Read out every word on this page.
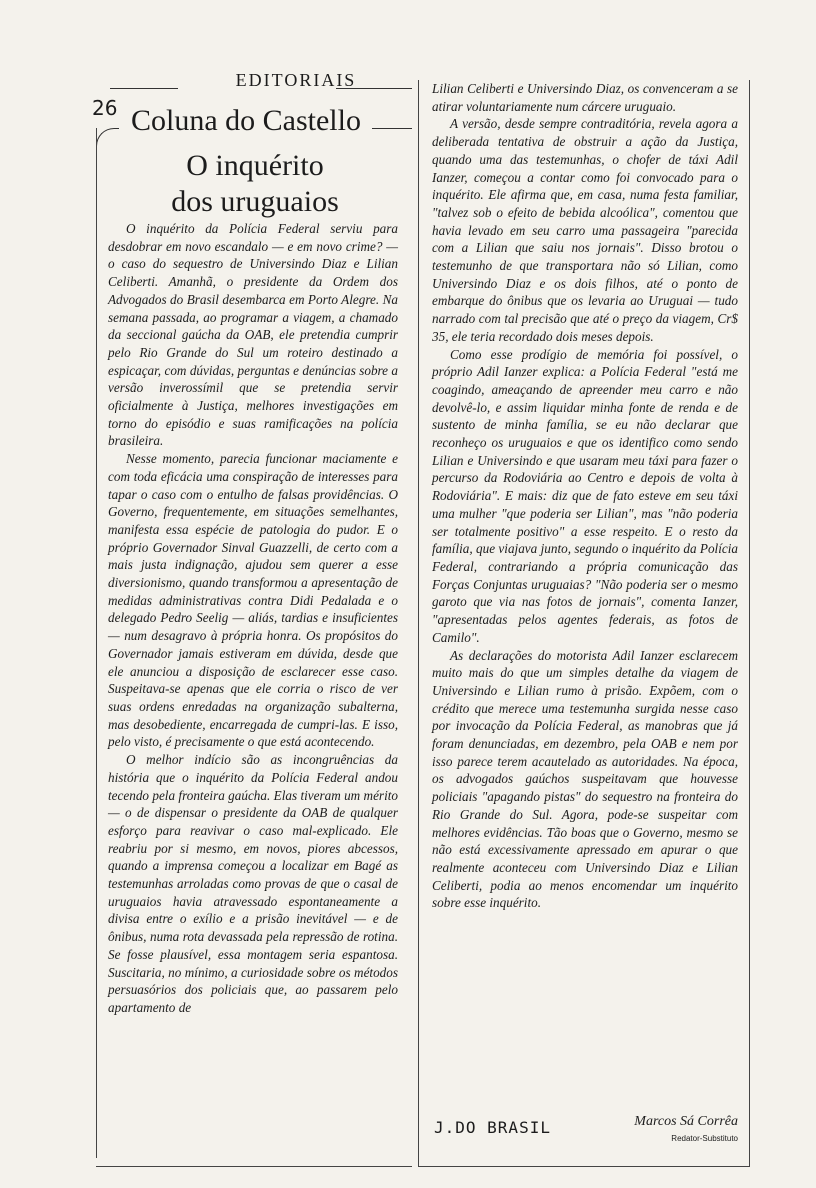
EDITORIAIS
26 Coluna do Castello
O inquérito
dos uruguaios

O inquérito da Polícia Federal serviu para desdobrar em novo escandalo — e em novo crime? — o caso do sequestro de Universindo Diaz e Lilian Celiberti. Amanhã, o presidente da Ordem dos Advogados do Brasil desembarca em Porto Alegre. Na semana passada, ao programar a viagem, a chamado da seccional gaúcha da OAB, ele pretendia cumprir pelo Rio Grande do Sul um roteiro destinado a espicaçar, com dúvidas, perguntas e denúncias sobre a versão inverossímil que se pretendia servir oficialmente à Justiça, melhores investigações em torno do episódio e suas ramificações na polícia brasileira.

Nesse momento, parecia funcionar maciamente e com toda eficácia uma conspiração de interesses para tapar o caso com o entulho de falsas providências. O Governo, frequentemente, em situações semelhantes, manifesta essa espécie de patologia do pudor. E o próprio Governador Sinval Guazzelli, de certo com a mais justa indignação, ajudou sem querer a esse diversionismo, quando transformou a apresentação de medidas administrativas contra Didi Pedalada e o delegado Pedro Seelig — aliás, tardias e insuficientes — num desagravo à própria honra. Os propósitos do Governador jamais estiveram em dúvida, desde que ele anunciou a disposição de esclarecer esse caso. Suspeitava-se apenas que ele corria o risco de ver suas ordens enredadas na organização subalterna, mas desobediente, encarregada de cumpri-las. E isso, pelo visto, é precisamente o que está acontecendo.

O melhor indício são as incongruências da história que o inquérito da Polícia Federal andou tecendo pela fronteira gaúcha. Elas tiveram um mérito — o de dispensar o presidente da OAB de qualquer esforço para reavivar o caso mal-explicado. Ele reabriu por si mesmo, em novos, piores abcessos, quando a imprensa começou a localizar em Bagé as testemunhas arroladas como provas de que o casal de uruguaios havia atravessado espontaneamente a divisa entre o exílio e a prisão inevitável — e de ônibus, numa rota devassada pela repressão de rotina. Se fosse plausível, essa montagem seria espantosa. Suscitaria, no mínimo, a curiosidade sobre os métodos persuasórios dos policiais que, ao passarem pelo apartamento de

Lilian Celiberti e Universindo Diaz, os convenceram a se atirar voluntariamente num cárcere uruguaio.

A versão, desde sempre contraditória, revela agora a deliberada tentativa de obstruir a ação da Justiça, quando uma das testemunhas, o chofer de táxi Adil Ianzer, começou a contar como foi convocado para o inquérito. Ele afirma que, em casa, numa festa familiar, "talvez sob o efeito de bebida alcoólica", comentou que havia levado em seu carro uma passageira "parecida com a Lilian que saiu nos jornais". Disso brotou o testemunho de que transportara não só Lilian, como Universindo Diaz e os dois filhos, até o ponto de embarque do ônibus que os levaria ao Uruguai — tudo narrado com tal precisão que até o preço da viagem, Cr$ 35, ele teria recordado dois meses depois.

Como esse prodígio de memória foi possível, o próprio Adil Ianzer explica: a Polícia Federal "está me coagindo, ameaçando de apreender meu carro e não devolvê-lo, e assim liquidar minha fonte de renda e de sustento de minha família, se eu não declarar que reconheço os uruguaios e que os identifico como sendo Lilian e Universindo e que usaram meu táxi para fazer o percurso da Rodoviária ao Centro e depois de volta à Rodoviária". E mais: diz que de fato esteve em seu táxi uma mulher "que poderia ser Lilian", mas "não poderia ser totalmente positivo" a esse respeito. E o resto da família, que viajava junto, segundo o inquérito da Polícia Federal, contrariando a própria comunicação das Forças Conjuntas uruguaias? "Não poderia ser o mesmo garoto que via nas fotos de jornais", comenta Ianzer, "apresentadas pelos agentes federais, as fotos de Camilo".

As declarações do motorista Adil Ianzer esclarecem muito mais do que um simples detalhe da viagem de Universindo e Lilian rumo à prisão. Expõem, com o crédito que merece uma testemunha surgida nesse caso por invocação da Polícia Federal, as manobras que já foram denunciadas, em dezembro, pela OAB e nem por isso parece terem acautelado as autoridades. Na época, os advogados gaúchos suspeitavam que houvesse policiais "apagando pistas" do sequestro na fronteira do Rio Grande do Sul. Agora, pode-se suspeitar com melhores evidências. Tão boas que o Governo, mesmo se não está excessivamente apressado em apurar o que realmente aconteceu com Universindo Diaz e Lilian Celiberti, podia ao menos encomendar um inquérito sobre esse inquérito.

J.DO BRASIL	Marcos Sá Corrêa
Redator-Substituto
